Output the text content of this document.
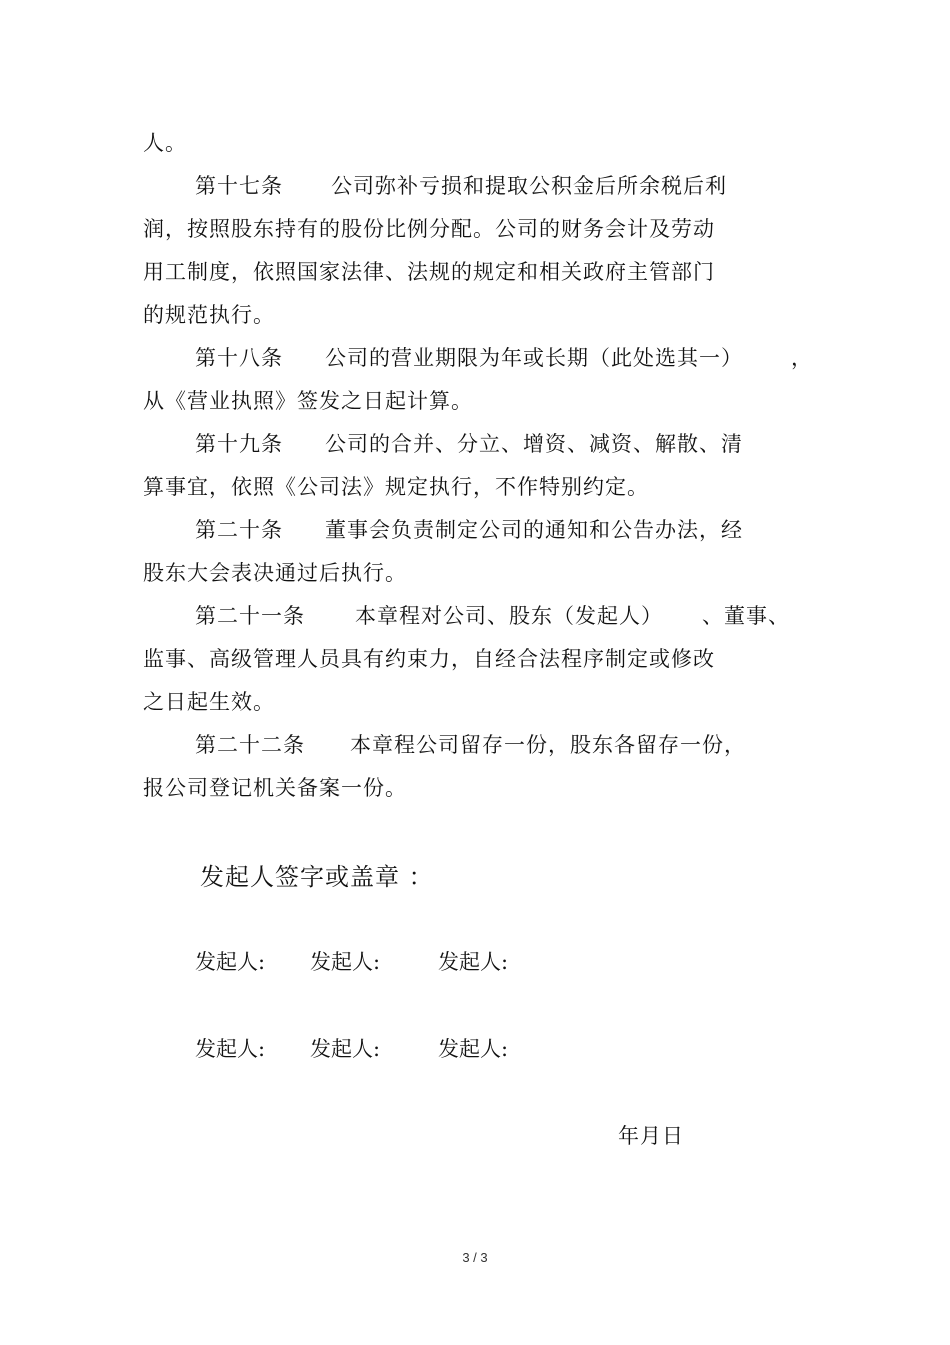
人。
第十七条 公司弥补亏损和提取公积金后所余税后利
润，按照股东持有的股份比例分配。公司的财务会计及劳动
用工制度，依照国家法律、法规的规定和相关政府主管部门
的规范执行。
第十八条 公司的营业期限为年或长期（此处选其一） ，
从《营业执照》签发之日起计算。
第十九条 公司的合并、分立、增资、减资、解散、清
算事宜，依照《公司法》规定执行，不作特别约定。
第二十条 董事会负责制定公司的通知和公告办法，经
股东大会表决通过后执行。
第二十一条 本章程对公司、股东（发起人） 、董事、
监事、高级管理人员具有约束力，自经合法程序制定或修改
之日起生效。
第二十二条 本章程公司留存一份，股东各留存一份，
报公司登记机关备案一份。
发起人签字或盖章 ：
发起人: 发起人:	发起人:
发起人: 发起人:	发起人:
年月日
3 / 3
